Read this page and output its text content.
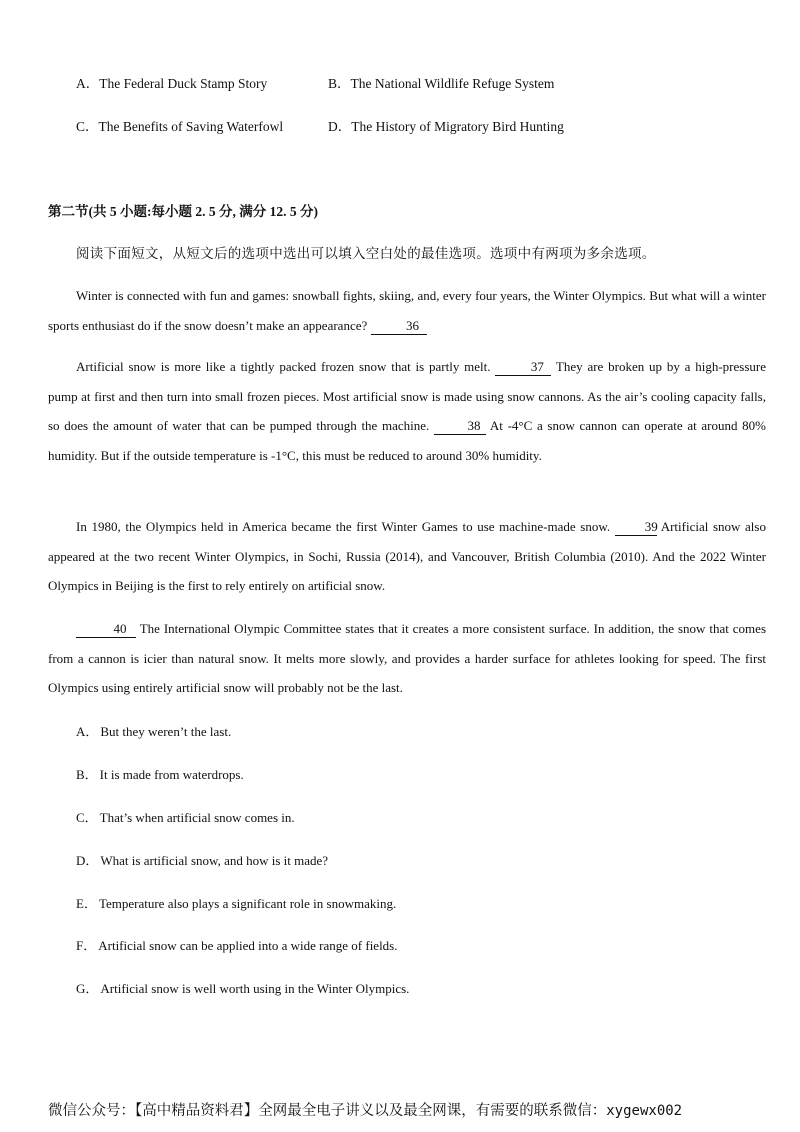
A．The Federal Duck Stamp Story	B．The National Wildlife Refuge System
C．The Benefits of Saving Waterfowl	D．The History of Migratory Bird Hunting
第二节(共 5 小题:每小题 2. 5 分, 满分 12. 5 分)
阅读下面短文，从短文后的选项中选出可以填入空白处的最佳选项。选项中有两项为多余选项。
Winter is connected with fun and games: snowball fights, skiing, and, every four years, the Winter Olympics. But what will a winter sports enthusiast do if the snow doesn’t make an appearance?	36
Artificial snow is more like a tightly packed frozen snow that is partly melt.	37 They are broken up by a high-pressure pump at first and then turn into small frozen pieces. Most artificial snow is made using snow cannons. As the air’s cooling capacity falls, so does the amount of water that can be pumped through the machine.	38 At -4°C a snow cannon can operate at around 80% humidity. But if the outside temperature is -1°C, this must be reduced to around 30% humidity.
In 1980, the Olympics held in America became the first Winter Games to use machine-made snow.	39 Artificial snow also appeared at the two recent Winter Olympics, in Sochi, Russia (2014), and Vancouver, British Columbia (2010). And the 2022 Winter Olympics in Beijing is the first to rely entirely on artificial snow.
40 The International Olympic Committee states that it creates a more consistent surface. In addition, the snow that comes from a cannon is icier than natural snow. It melts more slowly, and provides a harder surface for athletes looking for speed. The first Olympics using entirely artificial snow will probably not be the last.
A． But they weren’t the last.
B． It is made from waterdrops.
C． That’s when artificial snow comes in.
D． What is artificial snow, and how is it made?
E． Temperature also plays a significant role in snowmaking.
F． Artificial snow can be applied into a wide range of fields.
G． Artificial snow is well worth using in the Winter Olympics.
微信公众号：【高中精品资料君】全网最全电子讲义以及最全网课，有需要的联系微信：xygewx002
